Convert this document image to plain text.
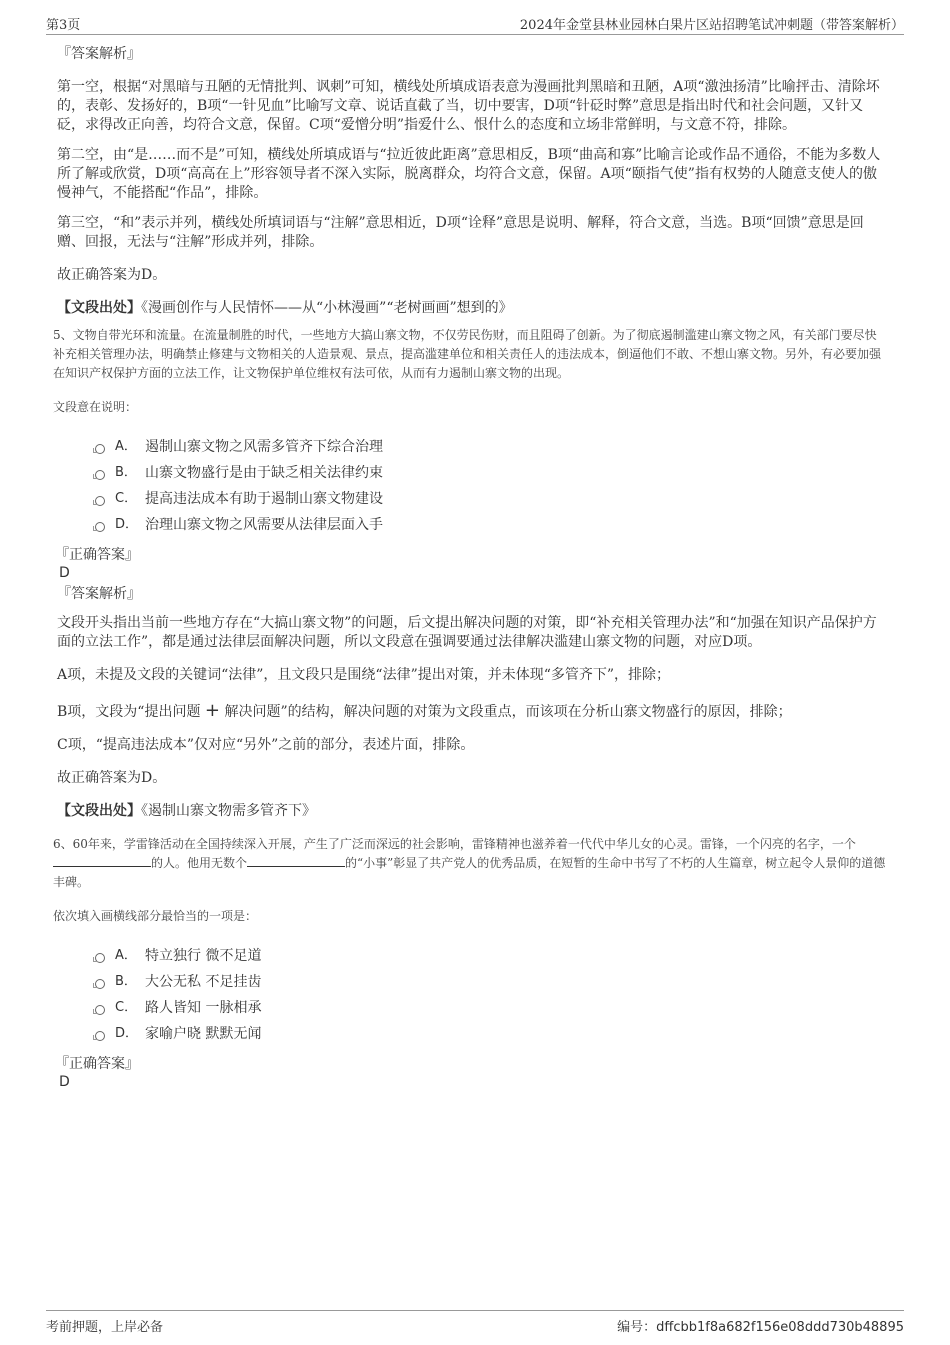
第3页	2024年金堂县林业园林白果片区站招聘笔试冲刺题（带答案解析）
『答案解析』
第一空，根据“对黑暗与丑陋的无情批判、讽刺”可知，横线处所填成语表意为漫画批判黑暗和丑陋，A项“激浊扬清”比喻抨击、清除坏的，表彰、发扬好的，B项“一针见血”比喻写文章、说话直截了当，切中要害，D项“针砭时弊”意思是指出时代和社会问题，又针又砭，求得改正向善，均符合文意，保留。C项“爱憎分明”指爱什么、恨什么的态度和立场非常鲜明，与文意不符，排除。
第二空，由“是……而不是”可知，横线处所填成语与“拉近彼此距离”意思相反，B项“曲高和寡”比喻言论或作品不通俗，不能为多数人所了解或欣赏，D项“高高在上”形容领导者不深入实际，脱离群众，均符合文意，保留。A项“颐指气使”指有权势的人随意支使人的傲慢神气，不能搭配“作品”，排除。
第三空，“和”表示并列，横线处所填词语与“注解”意思相近，D项“诠释”意思是说明、解释，符合文意，当选。B项“回馈”意思是回赠、回报，无法与“注解”形成并列，排除。
故正确答案为D。
【文段出处】《漫画创作与人民情怀——从“小林漫画”“老树画画”想到的》
5、文物自带光环和流量。在流量制胜的时代，一些地方大搞山寨文物，不仅劳民伤财，而且阻碍了创新。为了彻底遏制滥建山寨文物之风，有关部门要尽快补充相关管理办法，明确禁止修建与文物相关的人造景观、景点，提高滥建单位和相关责任人的违法成本，倒逼他们不敢、不想山寨文物。另外，有必要加强在知识产权保护方面的立法工作，让文物保护单位维权有法可依，从而有力遏制山寨文物的出现。
文段意在说明：
A． 遏制山寨文物之风需多管齐下综合治理
B． 山寨文物盛行是由于缺乏相关法律约束
C． 提高违法成本有助于遏制山寨文物建设
D． 治理山寨文物之风需要从法律层面入手
『正确答案』
D
『答案解析』
文段开头指出当前一些地方存在“大搞山寨文物”的问题，后文提出解决问题的对策，即“补充相关管理办法”和“加强在知识产品保护方面的立法工作”，都是通过法律层面解决问题，所以文段意在强调要通过法律解决滥建山寨文物的问题，对应D项。
A项，未提及文段的关键词“法律”，且文段只是围绕“法律”提出对策，并未体现“多管齐下”，排除；
B项，文段为“提出问题 + 解决问题”的结构，解决问题的对策为文段重点，而该项在分析山寨文物盛行的原因，排除；
C项，“提高违法成本”仅对应“另外”之前的部分，表述片面，排除。
故正确答案为D。
【文段出处】《遏制山寨文物需多管齐下》
6、60年来，学雷锋活动在全国持续深入开展，产生了广泛而深远的社会影响，雷锋精神也滋养着一代代中华儿女的心灵。雷锋，一个闪亮的名字，一个的人。他用无数个	的“小事”彰显了共产党人的优秀品质，在短暂的生命中书写了不朽的人生篇章，树立起令人景仰的道德丰碑。
依次填入画横线部分最恰当的一项是：
A． 特立独行 微不足道
B． 大公无私 不足挂齿
C． 路人皆知 一脉相承
D． 家喻户晓 默默无闻
『正确答案』
D
考前押题，上岸必备	编号：dffcbb1f8a682f156e08ddd730b48895
